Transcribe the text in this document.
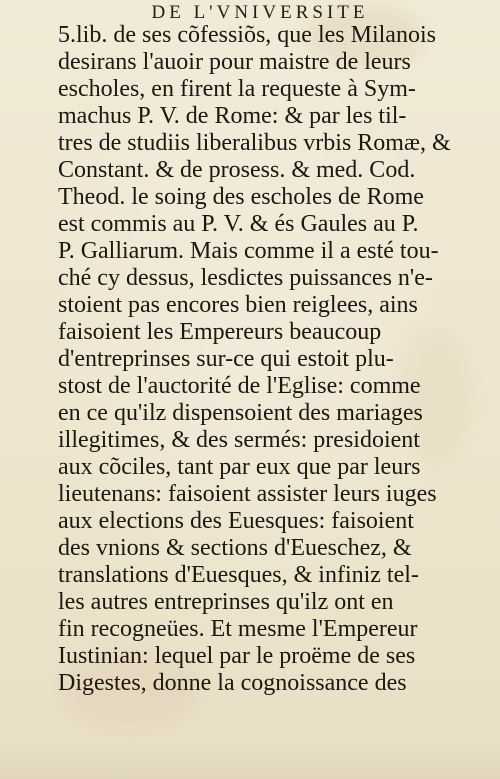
DE L'VNIVERSITE
5.lib. de ses cõfessiõs, que les Milanois
desirans l'auoir pour maistre de leurs
escholes, en firent la requeste à Sym-
machus P. V. de Rome: & par les til-
tres de studiis liberalibus vrbis Romæ, &
Constant. & de prosess. & med. Cod.
Theod. le soing des escholes de Rome
est commis au P. V. & és Gaules au P.
P. Galliarum. Mais comme il a esté tou-
ché cy dessus, lesdictes puissances n'e-
stoient pas encores bien reiglees, ains
faisoient les Empereurs beaucoup
d'entreprinses sur-ce qui estoit plu-
stost de l'auctorité de l'Eglise: comme
en ce qu'ilz dispensoient des mariages
illegitimes, & des sermés: presidoient
aux cõciles, tant par eux que par leurs
lieutenans: faisoient assister leurs iuges
aux elections des Euesques: faisoient
des vnions & sections d'Eueschez, &
translations d'Euesques, & infiniz tel-
les autres entreprinses qu'ilz ont en
fin recogneües. Et mesme l'Empereur
Iustinian: lequel par le proëme de ses
Digestes, donne la cognoissance des
